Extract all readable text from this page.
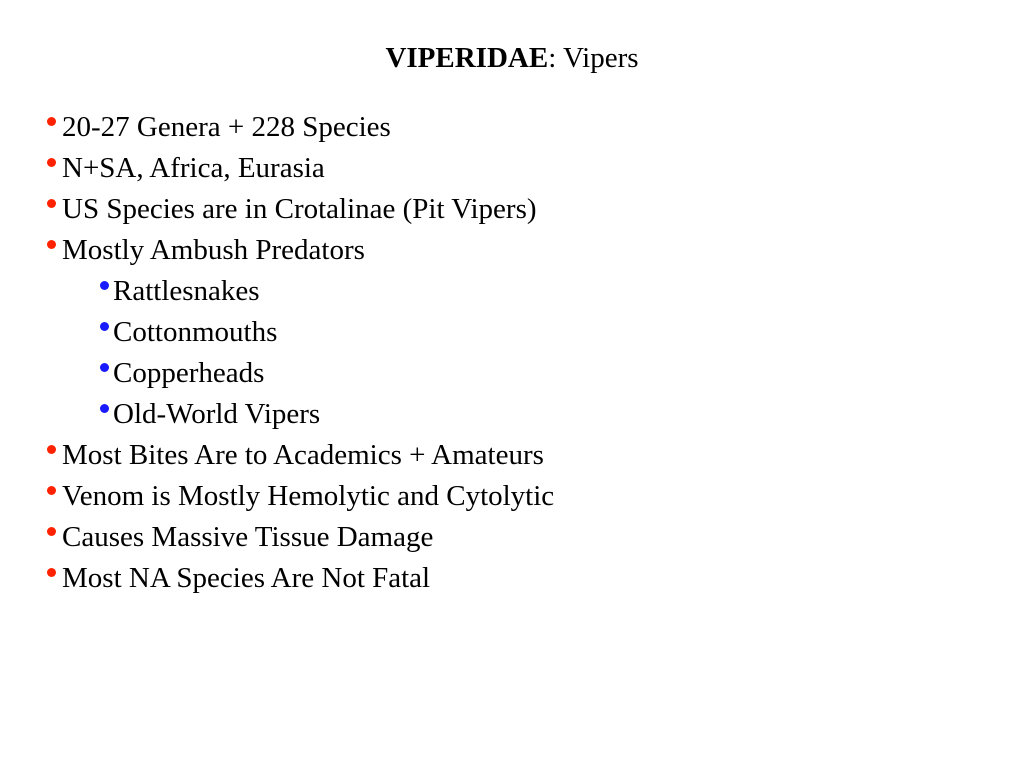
VIPERIDAE: Vipers
20-27 Genera + 228 Species
N+SA, Africa, Eurasia
US Species are in Crotalinae (Pit Vipers)
Mostly Ambush Predators
Rattlesnakes
Cottonmouths
Copperheads
Old-World Vipers
Most Bites Are to Academics + Amateurs
Venom is Mostly Hemolytic and Cytolytic
Causes Massive Tissue Damage
Most NA Species Are Not Fatal
